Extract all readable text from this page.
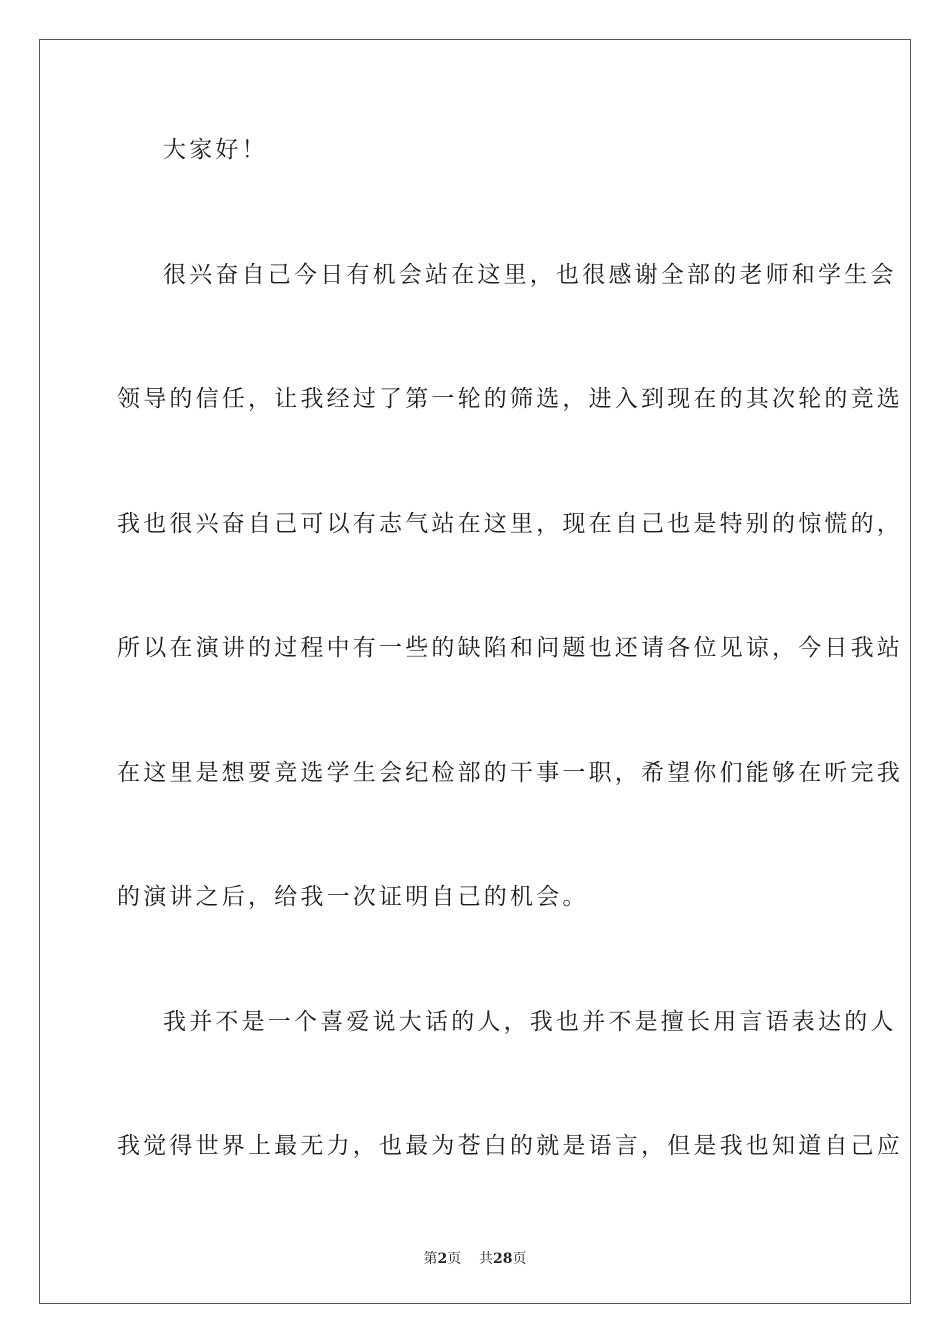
大家好！
很兴奋自己今日有机会站在这里，也很感谢全部的老师和学生会
领导的信任，让我经过了第一轮的筛选，进入到现在的其次轮的竞选
我也很兴奋自己可以有志气站在这里，现在自己也是特别的惊慌的，
所以在演讲的过程中有一些的缺陷和问题也还请各位见谅，今日我站
在这里是想要竞选学生会纪检部的干事一职，希望你们能够在听完我
的演讲之后，给我一次证明自己的机会。
我并不是一个喜爱说大话的人，我也并不是擅长用言语表达的人
我觉得世界上最无力，也最为苍白的就是语言，但是我也知道自己应
第2页 共28页
